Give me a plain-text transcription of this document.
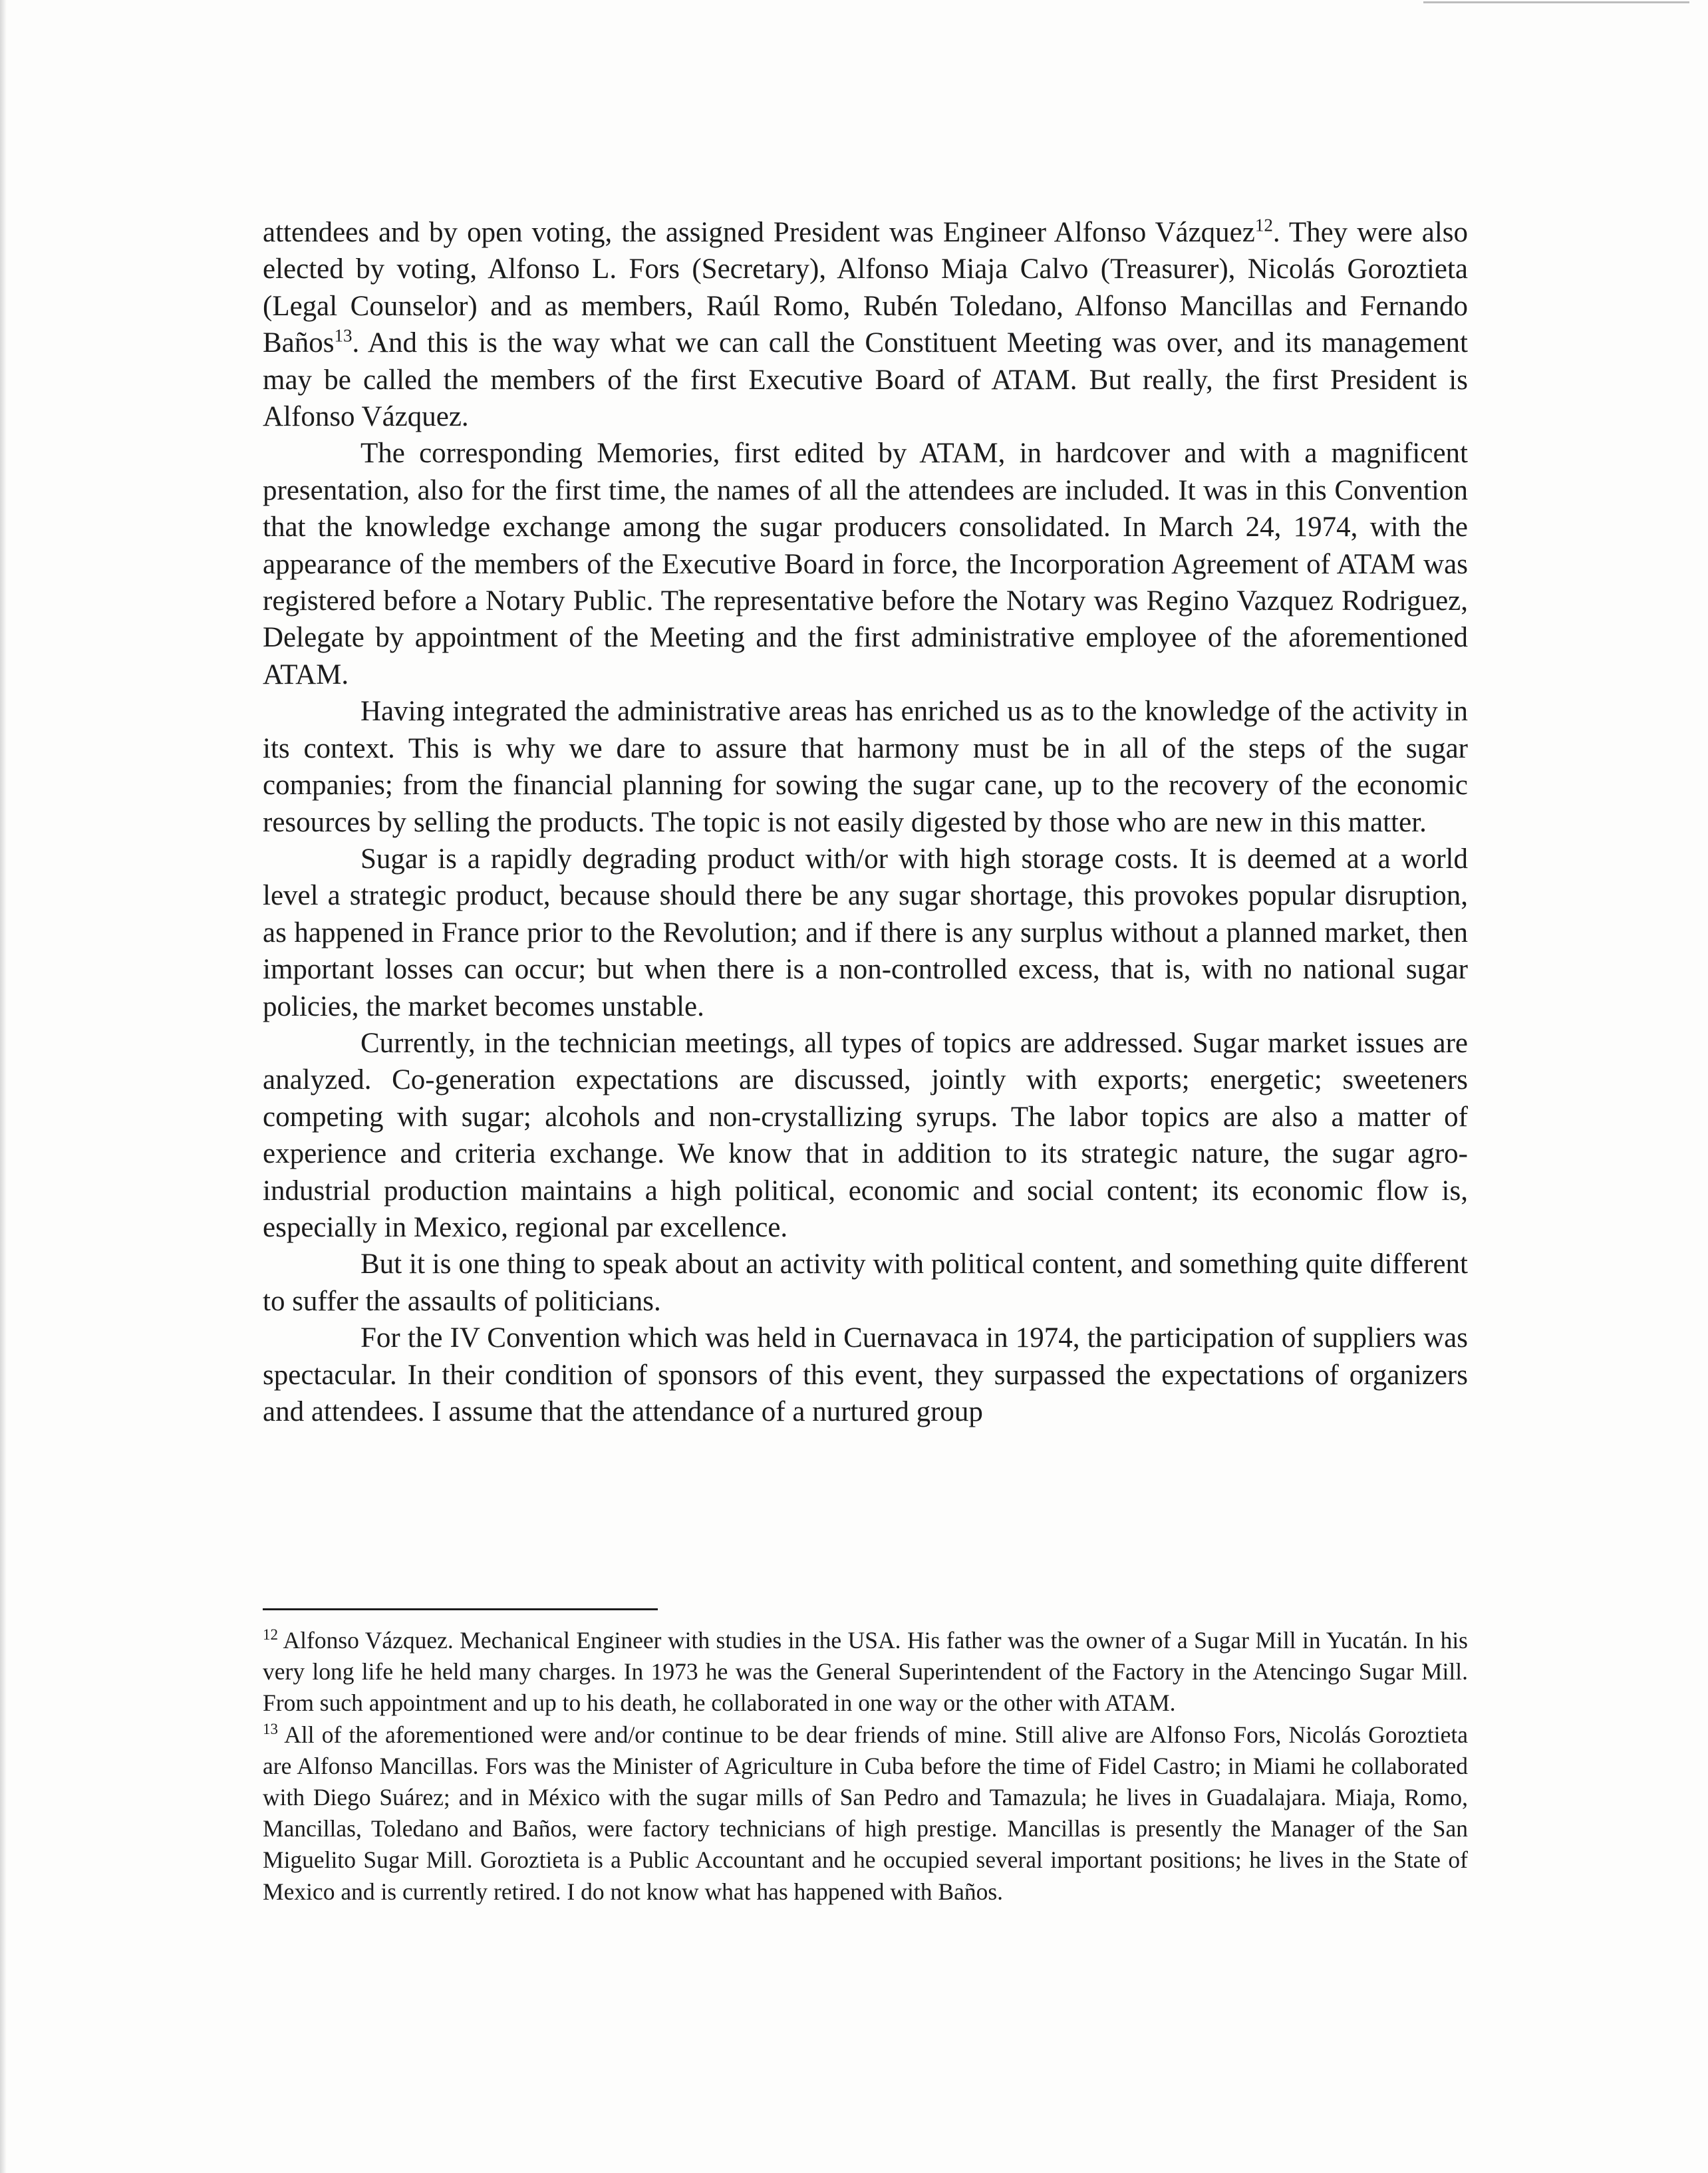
attendees and by open voting, the assigned President was Engineer Alfonso Vázquez$^{12}$. They were also elected by voting, Alfonso L. Fors (Secretary), Alfonso Miaja Calvo (Treasurer), Nicolás Goroztieta (Legal Counselor) and as members, Raúl Romo, Rubén Toledano, Alfonso Mancillas and Fernando Baños$^{13}$. And this is the way what we can call the Constituent Meeting was over, and its management may be called the members of the first Executive Board of ATAM. But really, the first President is Alfonso Vázquez.

The corresponding Memories, first edited by ATAM, in hardcover and with a magnificent presentation, also for the first time, the names of all the attendees are included. It was in this Convention that the knowledge exchange among the sugar producers consolidated. In March 24, 1974, with the appearance of the members of the Executive Board in force, the Incorporation Agreement of ATAM was registered before a Notary Public. The representative before the Notary was Regino Vazquez Rodriguez, Delegate by appointment of the Meeting and the first administrative employee of the aforementioned ATAM.

Having integrated the administrative areas has enriched us as to the knowledge of the activity in its context. This is why we dare to assure that harmony must be in all of the steps of the sugar companies; from the financial planning for sowing the sugar cane, up to the recovery of the economic resources by selling the products. The topic is not easily digested by those who are new in this matter.

Sugar is a rapidly degrading product with/or with high storage costs. It is deemed at a world level a strategic product, because should there be any sugar shortage, this provokes popular disruption, as happened in France prior to the Revolution; and if there is any surplus without a planned market, then important losses can occur; but when there is a non-controlled excess, that is, with no national sugar policies, the market becomes unstable.

Currently, in the technician meetings, all types of topics are addressed. Sugar market issues are analyzed. Co-generation expectations are discussed, jointly with exports; energetic; sweeteners competing with sugar; alcohols and non-crystallizing syrups. The labor topics are also a matter of experience and criteria exchange. We know that in addition to its strategic nature, the sugar agro-industrial production maintains a high political, economic and social content; its economic flow is, especially in Mexico, regional par excellence.

But it is one thing to speak about an activity with political content, and something quite different to suffer the assaults of politicians.

For the IV Convention which was held in Cuernavaca in 1974, the participation of suppliers was spectacular. In their condition of sponsors of this event, they surpassed the expectations of organizers and attendees. I assume that the attendance of a nurtured group

$^{12}$ Alfonso Vázquez. Mechanical Engineer with studies in the USA. His father was the owner of a Sugar Mill in Yucatán. In his very long life he held many charges. In 1973 he was the General Superintendent of the Factory in the Atencingo Sugar Mill. From such appointment and up to his death, he collaborated in one way or the other with ATAM.

$^{13}$ All of the aforementioned were and/or continue to be dear friends of mine. Still alive are Alfonso Fors, Nicolás Goroztieta are Alfonso Mancillas. Fors was the Minister of Agriculture in Cuba before the time of Fidel Castro; in Miami he collaborated with Diego Suárez; and in México with the sugar mills of San Pedro and Tamazula; he lives in Guadalajara. Miaja, Romo, Mancillas, Toledano and Baños, were factory technicians of high prestige. Mancillas is presently the Manager of the San Miguelito Sugar Mill. Goroztieta is a Public Accountant and he occupied several important positions; he lives in the State of Mexico and is currently retired. I do not know what has happened with Baños.
